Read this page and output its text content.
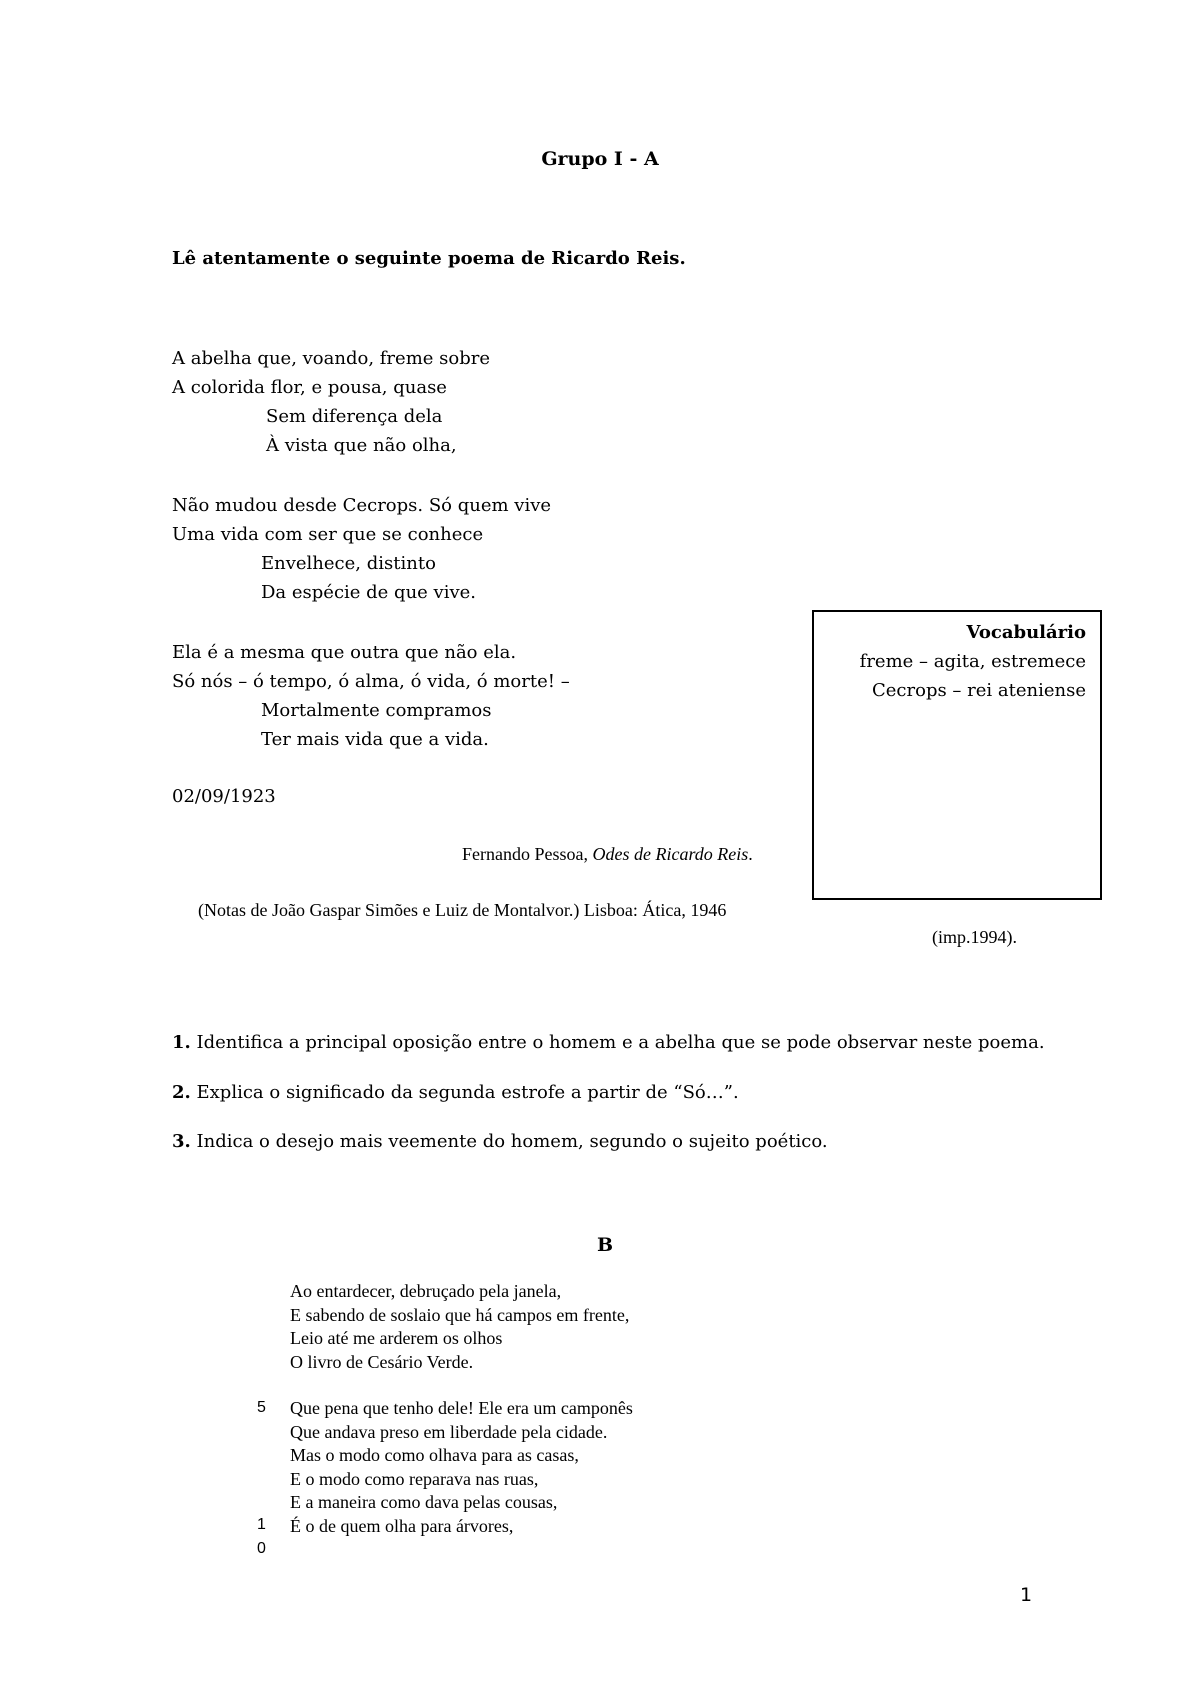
Grupo I - A
Lê atentamente o seguinte poema de Ricardo Reis.
A abelha que, voando, freme sobre
A colorida flor, e pousa, quase
Sem diferença dela
À vista que não olha,
Não mudou desde Cecrops. Só quem vive
Uma vida com ser que se conhece
Envelhece, distinto
Da espécie de que vive.
Ela é a mesma que outra que não ela.
Só nós – ó tempo, ó alma, ó vida, ó morte! –
Mortalmente compramos
Ter mais vida que a vida.
02/09/1923
Fernando Pessoa, Odes de Ricardo Reis.
(Notas de João Gaspar Simões e Luiz de Montalvor.) Lisboa: Ática, 1946
(imp.1994).
Vocabulário
freme – agita, estremece
Cecrops – rei ateniense
1. Identifica a principal oposição entre o homem e a abelha que se pode observar neste poema.
2. Explica o significado da segunda estrofe a partir de “Só…”.
3. Indica o desejo mais veemente do homem, segundo o sujeito poético.
B
Ao entardecer, debruçado pela janela,
E sabendo de soslaio que há campos em frente,
Leio até me arderem os olhos
O livro de Cesário Verde.
Que pena que tenho dele! Ele era um camponês
Que andava preso em liberdade pela cidade.
Mas o modo como olhava para as casas,
E o modo como reparava nas ruas,
E a maneira como dava pelas cousas,
É o de quem olha para árvores,
5
1
0
1
